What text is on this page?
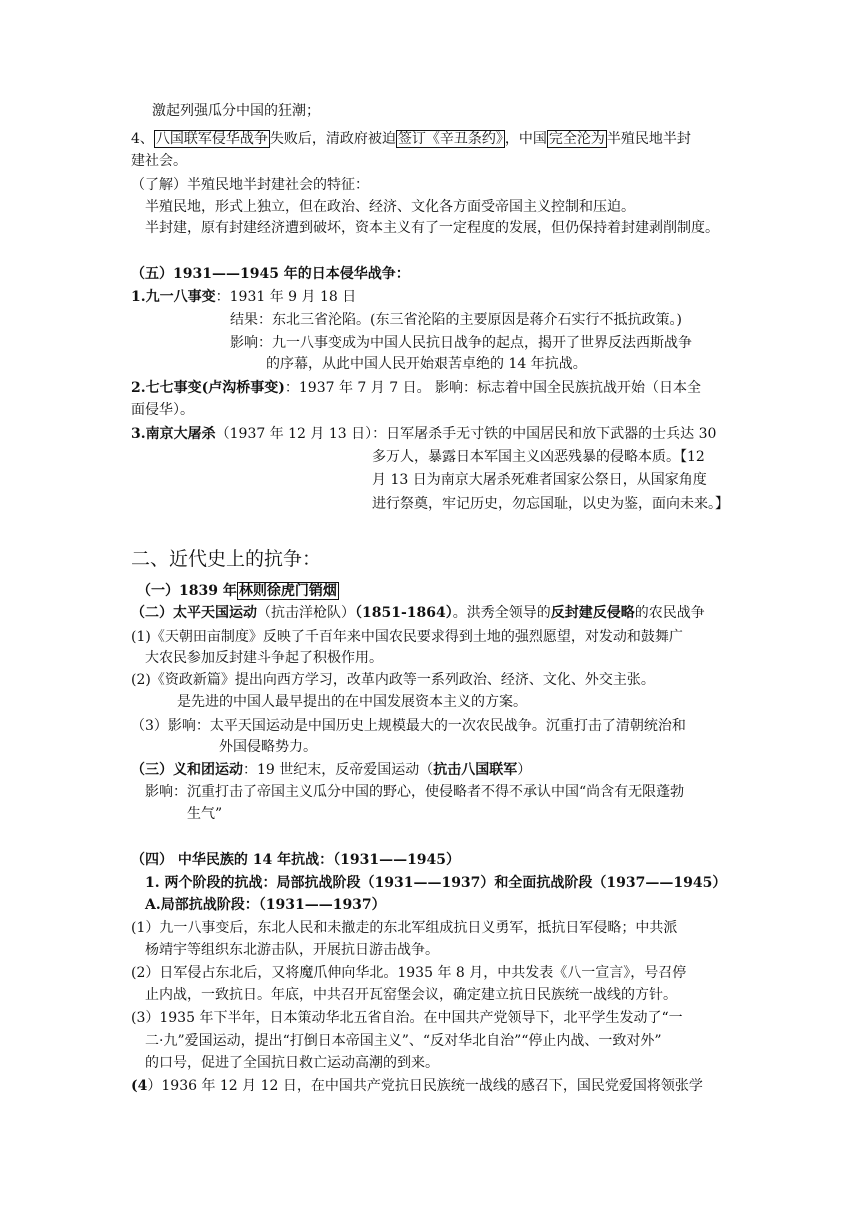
激起列强瓜分中国的狂潮；
4、 八国联军侵华战争 失败后，清政府被迫 签订《辛丑条约》 ，中国 完全沦为 半殖民地半封
建社会。
（了解）半殖民地半封建社会的特征：
半殖民地，形式上独立，但在政治、经济、文化各方面受帝国主义控制和压迫。
半封建，原有封建经济遭到破坏，资本主义有了一定程度的发展，但仍保持着封建剥削制度。
（五）1931——1945 年的日本侵华战争：
1.九一八事变：1931 年 9 月 18 日
结果：东北三省沦陷。(东三省沦陷的主要原因是蒋介石实行不抵抗政策。)
影响：九一八事变成为中国人民抗日战争的起点，揭开了世界反法西斯战争
的序幕，从此中国人民开始艰苦卓绝的 14 年抗战。
2.七七事变(卢沟桥事变)：1937 年 7 月 7 日。 影响：标志着中国全民族抗战开始（日本全
面侵华）。
3.南京大屠杀（1937 年 12 月 13 日）：日军屠杀手无寸铁的中国居民和放下武器的士兵达 30
多万人，暴露日本军国主义凶恶残暴的侵略本质。【12
月 13 日为南京大屠杀死难者国家公祭日，从国家角度
进行祭奠，牢记历史，勿忘国耻，以史为鉴，面向未来。】
二、近代史上的抗争：
（一）1839 年 林则徐虎门销烟
（二）太平天国运动（抗击洋枪队）（1851-1864）。洪秀全领导的反封建反侵略的农民战争
(1)《天朝田亩制度》反映了千百年来中国农民要求得到土地的强烈愿望，对发动和鼓舞广
大农民参加反封建斗争起了积极作用。
(2)《资政新篇》提出向西方学习，改革内政等一系列政治、经济、文化、外交主张。
是先进的中国人最早提出的在中国发展资本主义的方案。
（3）影响：太平天国运动是中国历史上规模最大的一次农民战争。沉重打击了清朝统治和
外国侵略势力。
（三）义和团运动：19 世纪末，反帝爱国运动（抗击八国联军）
影响：沉重打击了帝国主义瓜分中国的野心，使侵略者不得不承认中国“尚含有无限蓬勃
生气”
（四） 中华民族的 14 年抗战：（1931——1945）
1. 两个阶段的抗战：局部抗战阶段（1931——1937）和全面抗战阶段（1937——1945）
A.局部抗战阶段：（1931——1937）
(1）九一八事变后，东北人民和未撤走的东北军组成抗日义勇军，抵抗日军侵略；中共派
杨靖宇等组织东北游击队，开展抗日游击战争。
(2）日军侵占东北后，又将魔爪伸向华北。1935 年 8 月，中共发表《八一宣言》，号召停
止内战，一致抗日。年底，中共召开瓦窑堡会议，确定建立抗日民族统一战线的方针。
(3）1935 年下半年，日本策动华北五省自治。在中国共产党领导下，北平学生发动了“一
二·九”爱国运动，提出“打倒日本帝国主义”、“反对华北自治”“停止内战、一致对外”
的口号，促进了全国抗日救亡运动高潮的到来。
(4）1936 年 12 月 12 日，在中国共产党抗日民族统一战线的感召下，国民党爱国将领张学
